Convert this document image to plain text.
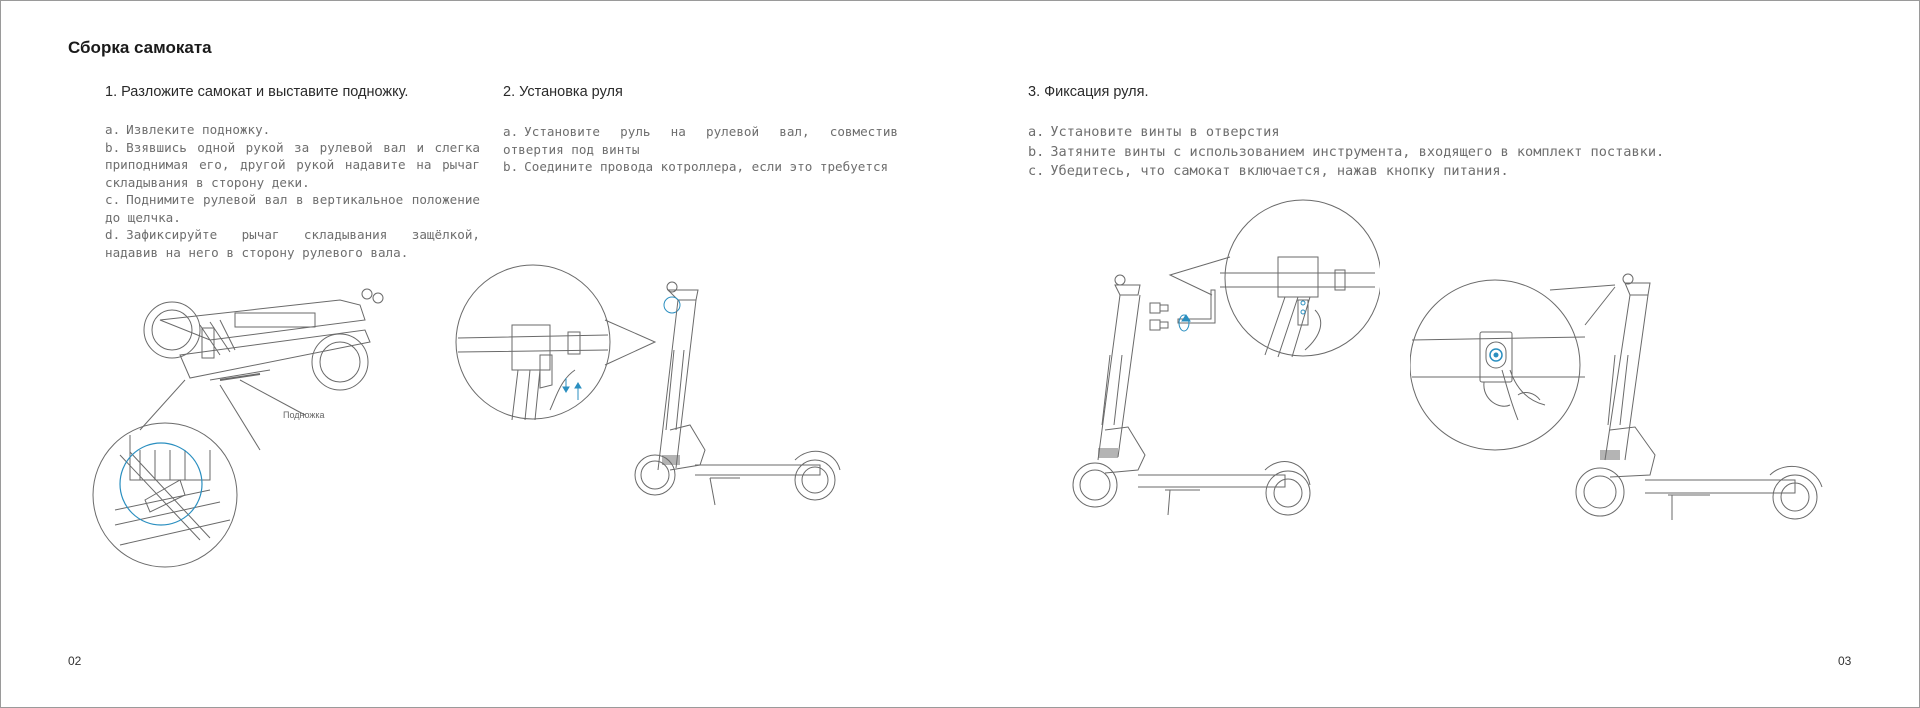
Сборка самоката
1. Разложите самокат и выставите подножку.
a. Извлеките подножку.
b. Взявшись одной рукой за рулевой вал и слегка приподнимая его, другой рукой надавите на рычаг складывания в сторону деки.
c. Поднимите рулевой вал в вертикальное положение до щелчка.
d. Зафиксируйте рычаг складывания защёлкой, надавив на него в сторону рулевого вала.
Подножка
2. Установка руля
a. Установите руль на рулевой вал, совместив отвертия под винты
b. Соедините провода котроллера, если это требуется
3. Фиксация руля.
a. Установите винты в отверстия
b. Затяните винты с использованием инструмента, входящего в комплект поставки.
c. Убедитесь, что самокат включается, нажав кнопку питания.
02	03
